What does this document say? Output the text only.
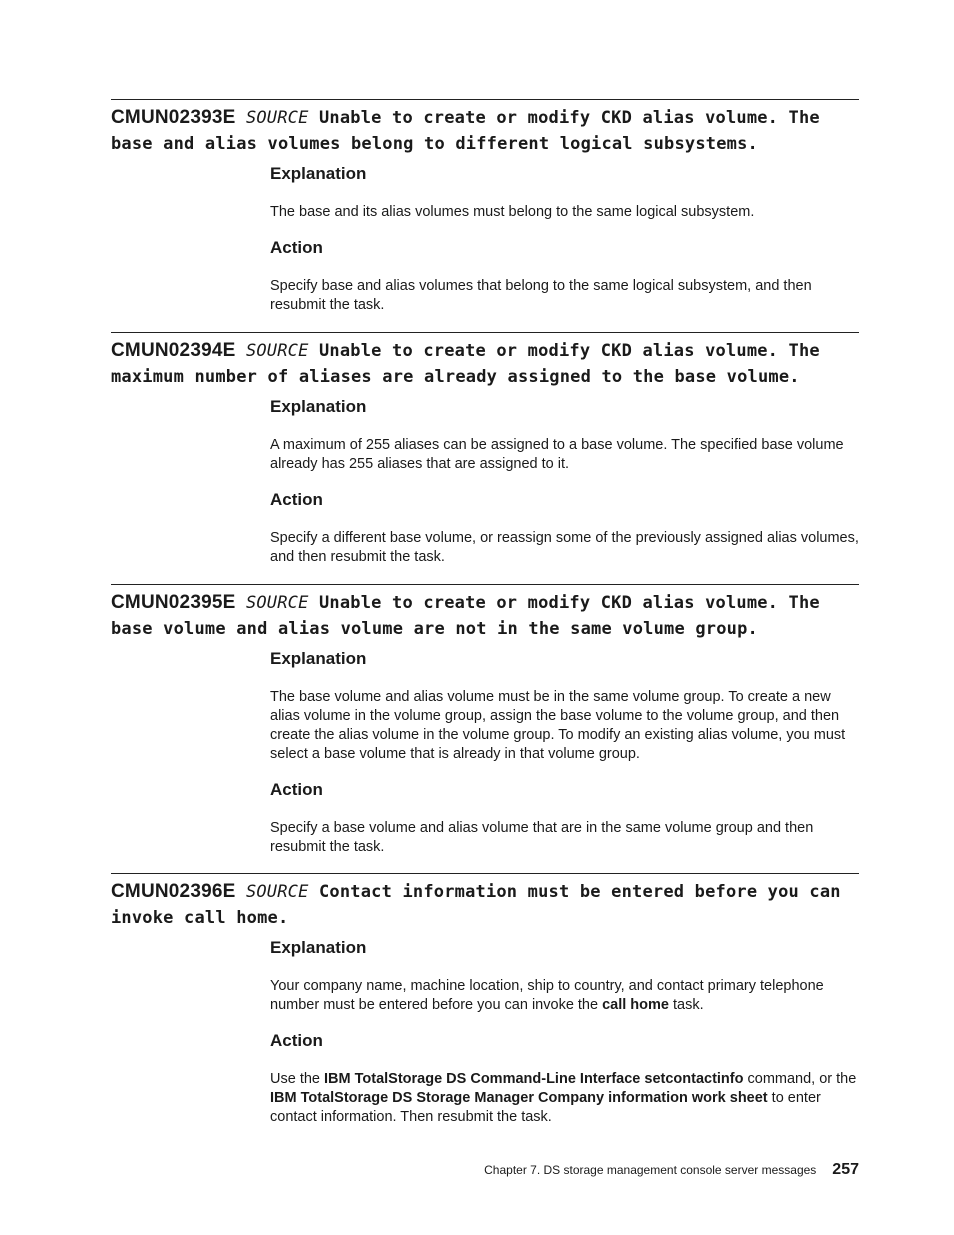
CMUN02393E SOURCE Unable to create or modify CKD alias volume. The base and alias volumes belong to different logical subsystems.
Explanation
The base and its alias volumes must belong to the same logical subsystem.
Action
Specify base and alias volumes that belong to the same logical subsystem, and then resubmit the task.
CMUN02394E SOURCE Unable to create or modify CKD alias volume. The maximum number of aliases are already assigned to the base volume.
Explanation
A maximum of 255 aliases can be assigned to a base volume. The specified base volume already has 255 aliases that are assigned to it.
Action
Specify a different base volume, or reassign some of the previously assigned alias volumes, and then resubmit the task.
CMUN02395E SOURCE Unable to create or modify CKD alias volume. The base volume and alias volume are not in the same volume group.
Explanation
The base volume and alias volume must be in the same volume group. To create a new alias volume in the volume group, assign the base volume to the volume group, and then create the alias volume in the volume group. To modify an existing alias volume, you must select a base volume that is already in that volume group.
Action
Specify a base volume and alias volume that are in the same volume group and then resubmit the task.
CMUN02396E SOURCE Contact information must be entered before you can invoke call home.
Explanation
Your company name, machine location, ship to country, and contact primary telephone number must be entered before you can invoke the call home task.
Action
Use the IBM TotalStorage DS Command-Line Interface setcontactinfo command, or the IBM TotalStorage DS Storage Manager Company information work sheet to enter contact information. Then resubmit the task.
Chapter 7. DS storage management console server messages 257
